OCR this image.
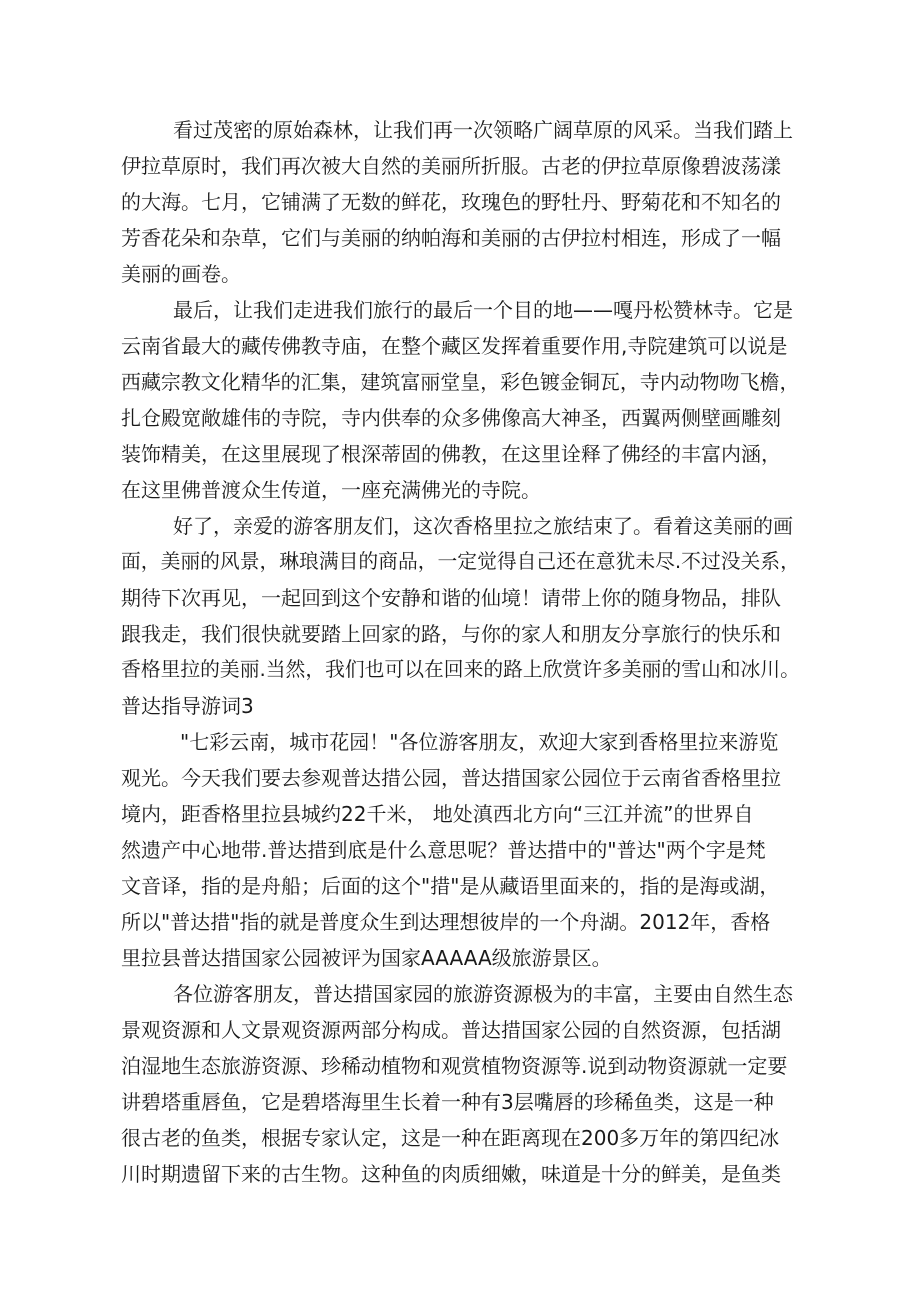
看过茂密的原始森林，让我们再一次领略广阔草原的风采。当我们踏上
伊拉草原时，我们再次被大自然的美丽所折服。古老的伊拉草原像碧波荡漾
的大海。七月，它铺满了无数的鲜花，玫瑰色的野牡丹、野菊花和不知名的
芳香花朵和杂草，它们与美丽的纳帕海和美丽的古伊拉村相连，形成了一幅
美丽的画卷。
最后，让我们走进我们旅行的最后一个目的地——嘎丹松赞林寺。它是
云南省最大的藏传佛教寺庙，在整个藏区发挥着重要作用,寺院建筑可以说是
西藏宗教文化精华的汇集，建筑富丽堂皇，彩色镀金铜瓦，寺内动物吻飞檐，
扎仓殿宽敞雄伟的寺院，寺内供奉的众多佛像高大神圣，西翼两侧壁画雕刻
装饰精美，在这里展现了根深蒂固的佛教，在这里诠释了佛经的丰富内涵，
在这里佛普渡众生传道，一座充满佛光的寺院。
好了，亲爱的游客朋友们，这次香格里拉之旅结束了。看着这美丽的画
面，美丽的风景，琳琅满目的商品，一定觉得自己还在意犹未尽.不过没关系，
期待下次再见，一起回到这个安静和谐的仙境！请带上你的随身物品，排队
跟我走，我们很快就要踏上回家的路，与你的家人和朋友分享旅行的快乐和
香格里拉的美丽.当然，我们也可以在回来的路上欣赏许多美丽的雪山和冰川。
普达指导游词3
"七彩云南，城市花园！"各位游客朋友，欢迎大家到香格里拉来游览
观光。今天我们要去参观普达措公园，普达措国家公园位于云南省香格里拉
境内，距香格里拉县城约22千米， 地处滇西北方向“三江并流”的世界自
然遗产中心地带.普达措到底是什么意思呢？普达措中的"普达"两个字是梵
文音译，指的是舟船；后面的这个"措"是从藏语里面来的，指的是海或湖，
所以"普达措"指的就是普度众生到达理想彼岸的一个舟湖。2012年，香格
里拉县普达措国家公园被评为国家AAAAA级旅游景区。
各位游客朋友，普达措国家园的旅游资源极为的丰富，主要由自然生态
景观资源和人文景观资源两部分构成。普达措国家公园的自然资源，包括湖
泊湿地生态旅游资源、珍稀动植物和观赏植物资源等.说到动物资源就一定要
讲碧塔重唇鱼，它是碧塔海里生长着一种有3层嘴唇的珍稀鱼类，这是一种
很古老的鱼类，根据专家认定，这是一种在距离现在200多万年的第四纪冰
川时期遗留下来的古生物。这种鱼的肉质细嫩，味道是十分的鲜美，是鱼类
